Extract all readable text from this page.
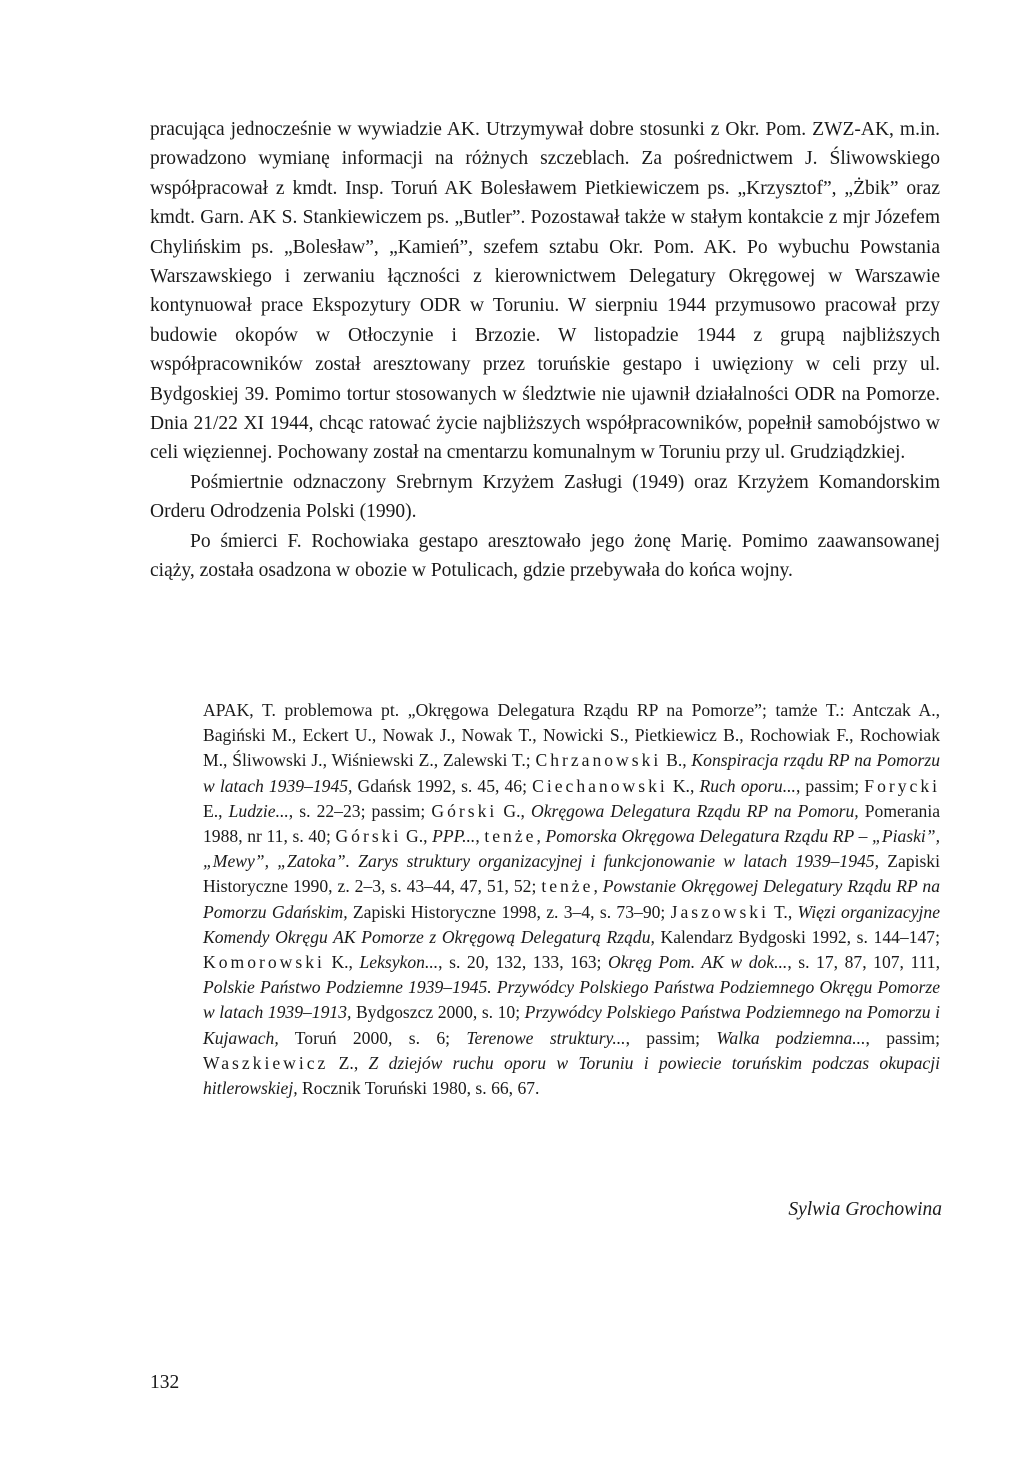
pracująca jednocześnie w wywiadzie AK. Utrzymywał dobre stosunki z Okr. Pom. ZWZ-AK, m.in. prowadzono wymianę informacji na różnych szczeblach. Za pośrednictwem J. Śliwowskiego współpracował z kmdt. Insp. Toruń AK Bolesławem Pietkiewiczem ps. „Krzysztof”, „Żbik” oraz kmdt. Garn. AK S. Stankiewiczem ps. „Butler”. Pozostawał także w stałym kontakcie z mjr Józefem Chylińskim ps. „Bolesław”, „Kamień”, szefem sztabu Okr. Pom. AK. Po wybuchu Powstania Warszawskiego i zerwaniu łączności z kierownictwem Delegatury Okręgowej w Warszawie kontynuował prace Ekspozytury ODR w Toruniu. W sierpniu 1944 przymusowo pracował przy budowie okopów w Otłoczynie i Brzozie. W listopadzie 1944 z grupą najbliższych współpracowników został aresztowany przez toruńskie gestapo i uwięziony w celi przy ul. Bydgoskiej 39. Pomimo tortur stosowanych w śledztwie nie ujawnił działalności ODR na Pomorze. Dnia 21/22 XI 1944, chcąc ratować życie najbliższych współpracowników, popełnił samobójstwo w celi więziennej. Pochowany został na cmentarzu komunalnym w Toruniu przy ul. Grudziądzkiej.

Pośmiertnie odznaczony Srebrnym Krzyżem Zasługi (1949) oraz Krzyżem Komandorskim Orderu Odrodzenia Polski (1990).

Po śmierci F. Rochowiaka gestapo aresztowało jego żonę Marię. Pomimo zaawansowanej ciąży, została osadzona w obozie w Potulicach, gdzie przebywała do końca wojny.

APAK, T. problemowa pt. „Okręgowa Delegatura Rządu RP na Pomorze”; tamże T.: Antczak A., Bagiński M., Eckert U., Nowak J., Nowak T., Nowicki S., Pietkiewicz B., Rochowiak F., Rochowiak M., Śliwowski J., Wiśniewski Z., Zalewski T.; Chrzanowski B., Konspiracja rządu RP na Pomorzu w latach 1939–1945, Gdańsk 1992, s. 45, 46; Ciechanowski K., Ruch oporu..., passim; Forycki E., Ludzie..., s. 22–23; passim; Górski G., Okręgowa Delegatura Rządu RP na Pomoru, Pomerania 1988, nr 11, s. 40; Górski G., PPP..., tenże, Pomorska Okręgowa Delegatura Rządu RP – „Piaski”, „Mewy”, „Zatoka”. Zarys struktury organizacyjnej i funkcjonowanie w latach 1939–1945, Zapiski Historyczne 1990, z. 2–3, s. 43–44, 47, 51, 52; tenże, Powstanie Okręgowej Delegatury Rządu RP na Pomorzu Gdańskim, Zapiski Historyczne 1998, z. 3–4, s. 73–90; Jaszowski T., Więzi organizacyjne Komendy Okręgu AK Pomorze z Okręgową Delegaturą Rządu, Kalendarz Bydgoski 1992, s. 144–147; Komorowski K., Leksykon..., s. 20, 132, 133, 163; Okręg Pom. AK w dok..., s. 17, 87, 107, 111, Polskie Państwo Podziemne 1939–1945. Przywódcy Polskiego Państwa Podziemnego Okręgu Pomorze w latach 1939–1913, Bydgoszcz 2000, s. 10; Przywódcy Polskiego Państwa Podziemnego na Pomorzu i Kujawach, Toruń 2000, s. 6; Terenowe struktury..., passim; Walka podziemna..., passim; Waszkiewicz Z., Z dziejów ruchu oporu w Toruniu i powiecie toruńskim podczas okupacji hitlerowskiej, Rocznik Toruński 1980, s. 66, 67.
Sylwia Grochowina
132
